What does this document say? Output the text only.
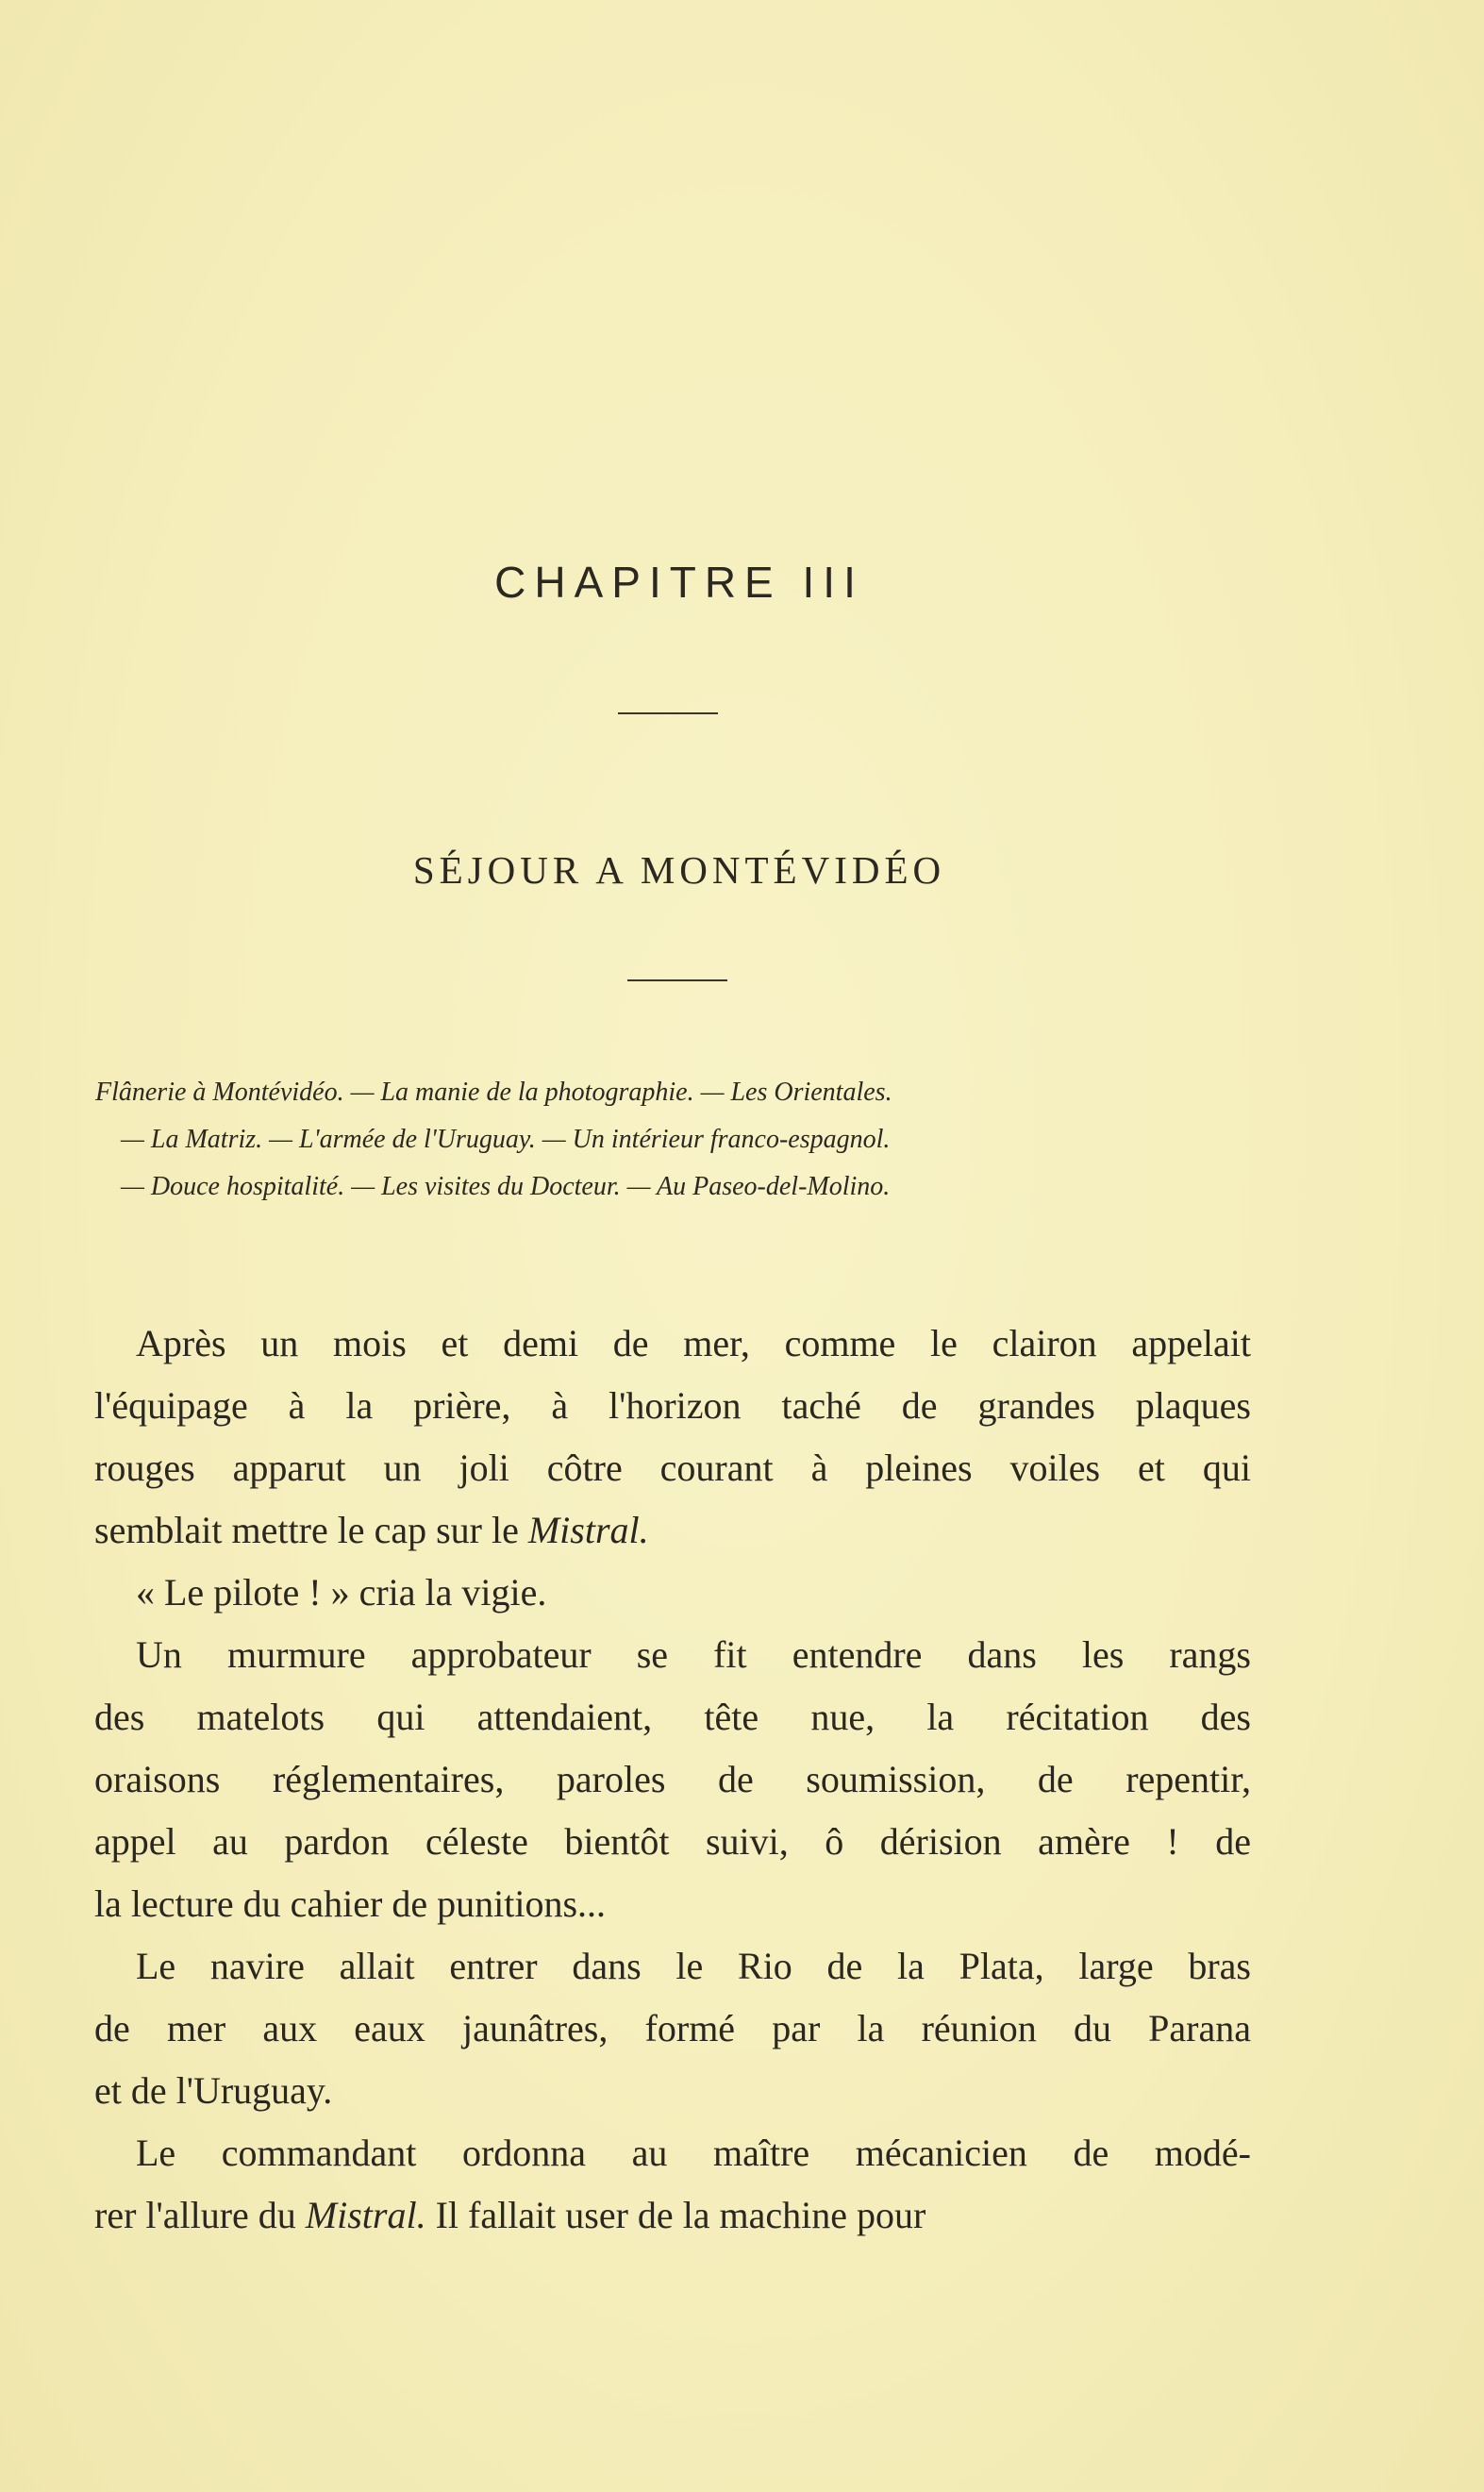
CHAPITRE III
SÉJOUR A MONTÉVIDÉO
Flânerie à Montévidéo. — La manie de la photographie. — Les Orientales.
— La Matriz. — L'armée de l'Uruguay. — Un intérieur franco-espagnol.
— Douce hospitalité. — Les visites du Docteur. — Au Paseo-del-Molino.
Après un mois et demi de mer, comme le clairon appelait
l'équipage à la prière, à l'horizon taché de grandes plaques
rouges apparut un joli côtre courant à pleines voiles et qui
semblait mettre le cap sur le Mistral.
« Le pilote ! » cria la vigie.
Un murmure approbateur se fit entendre dans les rangs
des matelots qui attendaient, tête nue, la récitation des
oraisons réglementaires, paroles de soumission, de repentir,
appel au pardon céleste bientôt suivi, ô dérision amère ! de
la lecture du cahier de punitions...
Le navire allait entrer dans le Rio de la Plata, large bras
de mer aux eaux jaunâtres, formé par la réunion du Parana
et de l'Uruguay.
Le commandant ordonna au maître mécanicien de modé-
rer l'allure du Mistral. Il fallait user de la machine pour
